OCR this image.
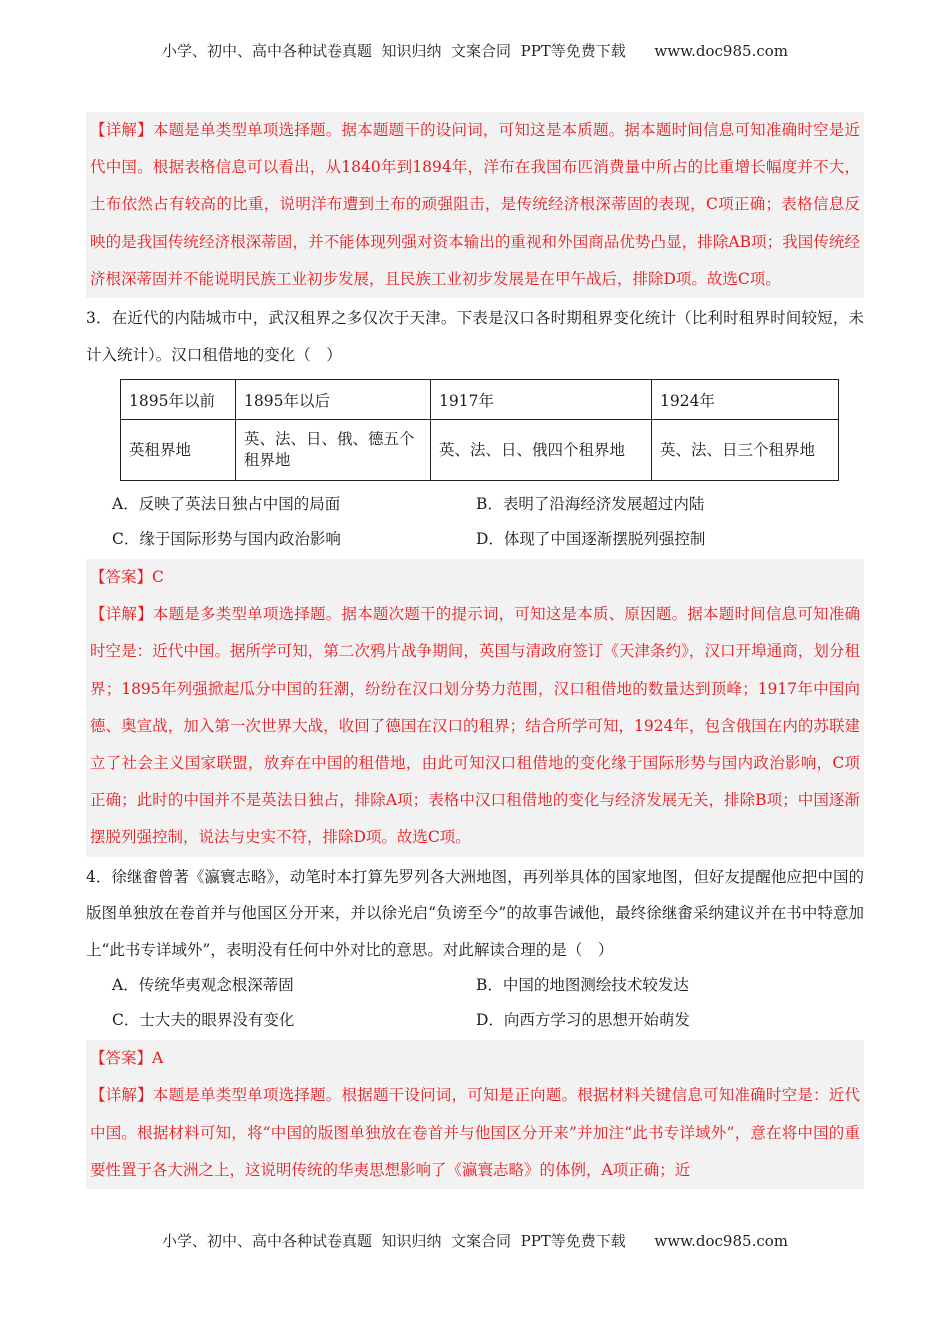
小学、初中、高中各种试卷真题  知识归纳  文案合同  PPT等免费下载      www.doc985.com
【详解】本题是单类型单项选择题。据本题题干的设问词，可知这是本质题。据本题时间信息可知准确时空是近代中国。根据表格信息可以看出，从1840年到1894年，洋布在我国布匹消费量中所占的比重增长幅度并不大，土布依然占有较高的比重，说明洋布遭到土布的顽强阻击，是传统经济根深蒂固的表现，C项正确；表格信息反映的是我国传统经济根深蒂固，并不能体现列强对资本输出的重视和外国商品优势凸显，排除AB项；我国传统经济根深蒂固并不能说明民族工业初步发展，且民族工业初步发展是在甲午战后，排除D项。故选C项。
3．在近代的内陆城市中，武汉租界之多仅次于天津。下表是汉口各时期租界变化统计（比利时租界时间较短，未计入统计）。汉口租借地的变化（　）
1895年以前	1895年以后	1917年	1924年
英租界地	英、法、日、俄、德五个租界地	英、法、日、俄四个租界地	英、法、日三个租界地
A．反映了英法日独占中国的局面	B．表明了沿海经济发展超过内陆
C．缘于国际形势与国内政治影响	D．体现了中国逐渐摆脱列强控制
【答案】C
【详解】本题是多类型单项选择题。据本题次题干的提示词，可知这是本质、原因题。据本题时间信息可知准确时空是：近代中国。据所学可知，第二次鸦片战争期间，英国与清政府签订《天津条约》，汉口开埠通商，划分租界；1895年列强掀起瓜分中国的狂潮，纷纷在汉口划分势力范围，汉口租借地的数量达到顶峰；1917年中国向德、奥宣战，加入第一次世界大战，收回了德国在汉口的租界；结合所学可知，1924年，包含俄国在内的苏联建立了社会主义国家联盟，放弃在中国的租借地，由此可知汉口租借地的变化缘于国际形势与国内政治影响，C项正确；此时的中国并不是英法日独占，排除A项；表格中汉口租借地的变化与经济发展无关，排除B项；中国逐渐摆脱列强控制，说法与史实不符，排除D项。故选C项。
4．徐继畬曾著《瀛寰志略》，动笔时本打算先罗列各大洲地图，再列举具体的国家地图，但好友提醒他应把中国的版图单独放在卷首并与他国区分开来，并以徐光启“负谤至今”的故事告诫他，最终徐继畬采纳建议并在书中特意加上“此书专详域外”，表明没有任何中外对比的意思。对此解读合理的是（　）
A．传统华夷观念根深蒂固	B．中国的地图测绘技术较发达
C．士大夫的眼界没有变化	D．向西方学习的思想开始萌发
【答案】A
【详解】本题是单类型单项选择题。根据题干设问词，可知是正向题。根据材料关键信息可知准确时空是：近代中国。根据材料可知，将“中国的版图单独放在卷首并与他国区分开来”并加注“此书专详域外”，意在将中国的重要性置于各大洲之上，这说明传统的华夷思想影响了《瀛寰志略》的体例，A项正确；近
小学、初中、高中各种试卷真题  知识归纳  文案合同  PPT等免费下载      www.doc985.com
